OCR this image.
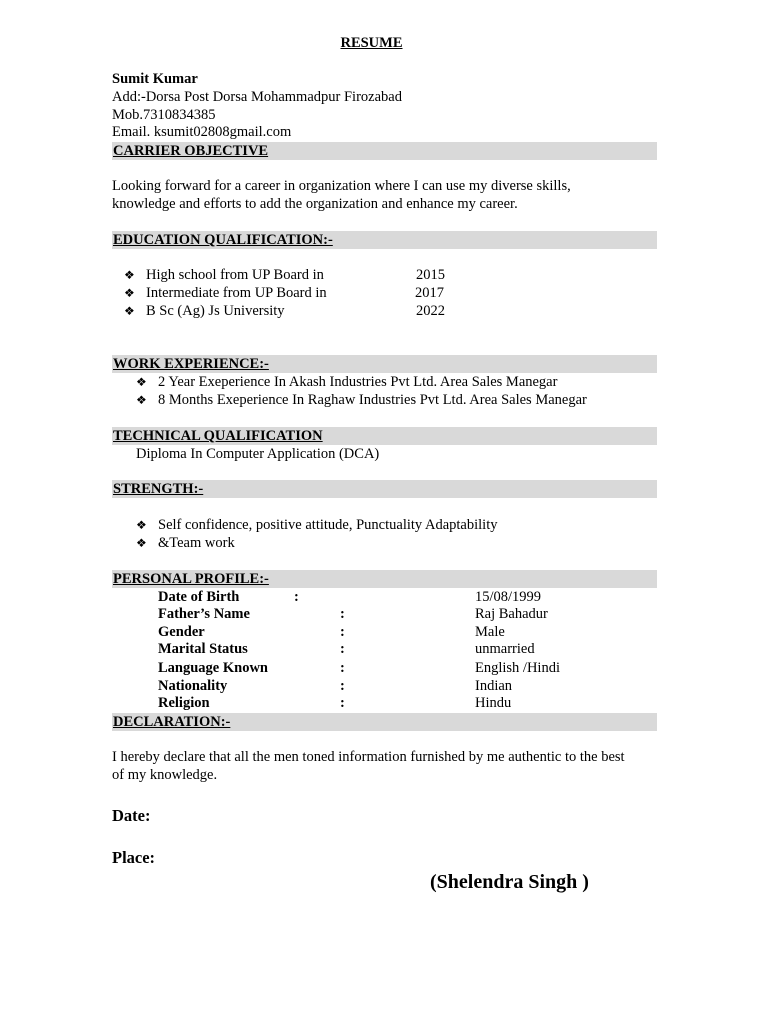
RESUME
Sumit Kumar
Add:-Dorsa Post Dorsa Mohammadpur Firozabad
Mob.7310834385
Email. ksumit02808gmail.com
CARRIER OBJECTIVE
Looking forward for a career in organization where I can use my diverse skills,
knowledge and efforts to add the organization and enhance my career.
EDUCATION QUALIFICATION:-
❖ High school from UP Board in	2015
❖ Intermediate from UP Board in	2017
❖ B Sc (Ag) Js University	2022
WORK EXPERIENCE:-
❖ 2 Year Exeperience In Akash Industries Pvt Ltd. Area Sales Manegar
❖ 8 Months Exeperience In Raghaw Industries Pvt Ltd. Area Sales Manegar
TECHNICAL QUALIFICATION
Diploma In Computer Application (DCA)
STRENGTH:-
❖ Self confidence, positive attitude, Punctuality Adaptability
❖ &Team work
PERSONAL PROFILE:-
Date of Birth	:	15/08/1999
Father’s Name	:	Raj Bahadur
Gender	:	Male
Marital Status	:	unmarried
Language Known	:	English /Hindi
Nationality	:	Indian
Religion	:	Hindu
DECLARATION:-
I hereby declare that all the men toned information furnished by me authentic to the best
of my knowledge.
Date:
Place:
(Shelendra Singh )
